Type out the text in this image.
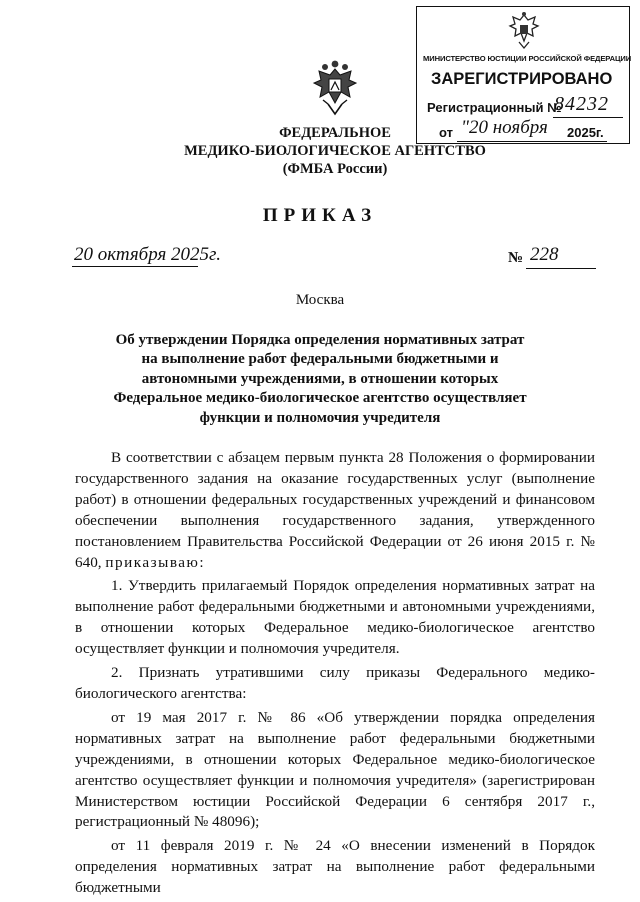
МИНИСТЕРСТВО ЮСТИЦИИ РОССИЙСКОЙ ФЕДЕРАЦИИ
ЗАРЕГИСТРИРОВАНО
Регистрационный №
84232
от "20 ноября 2025г.
ФЕДЕРАЛЬНОЕ
МЕДИКО-БИОЛОГИЧЕСКОЕ АГЕНТСТВО
(ФМБА России)
ПРИКАЗ
20 октября 2025г.	№ 228
Москва
Об утверждении Порядка определения нормативных затрат на выполнение работ федеральными бюджетными и автономными учреждениями, в отношении которых Федеральное медико-биологическое агентство осуществляет функции и полномочия учредителя

В соответствии с абзацем первым пункта 28 Положения о формировании государственного задания на оказание государственных услуг (выполнение работ) в отношении федеральных государственных учреждений и финансовом обеспечении выполнения государственного задания, утвержденного постановлением Правительства Российской Федерации от 26 июня 2015 г. № 640, приказываю:

1. Утвердить прилагаемый Порядок определения нормативных затрат на выполнение работ федеральными бюджетными и автономными учреждениями, в отношении которых Федеральное медико-биологическое агентство осуществляет функции и полномочия учредителя.

2. Признать утратившими силу приказы Федерального медико-биологического агентства:

от 19 мая 2017 г. № 86 «Об утверждении порядка определения нормативных затрат на выполнение работ федеральными бюджетными учреждениями, в отношении которых Федеральное медико-биологическое агентство осуществляет функции и полномочия учредителя» (зарегистрирован Министерством юстиции Российской Федерации 6 сентября 2017 г., регистрационный № 48096);

от 11 февраля 2019 г. № 24 «О внесении изменений в Порядок определения нормативных затрат на выполнение работ федеральными бюджетными
